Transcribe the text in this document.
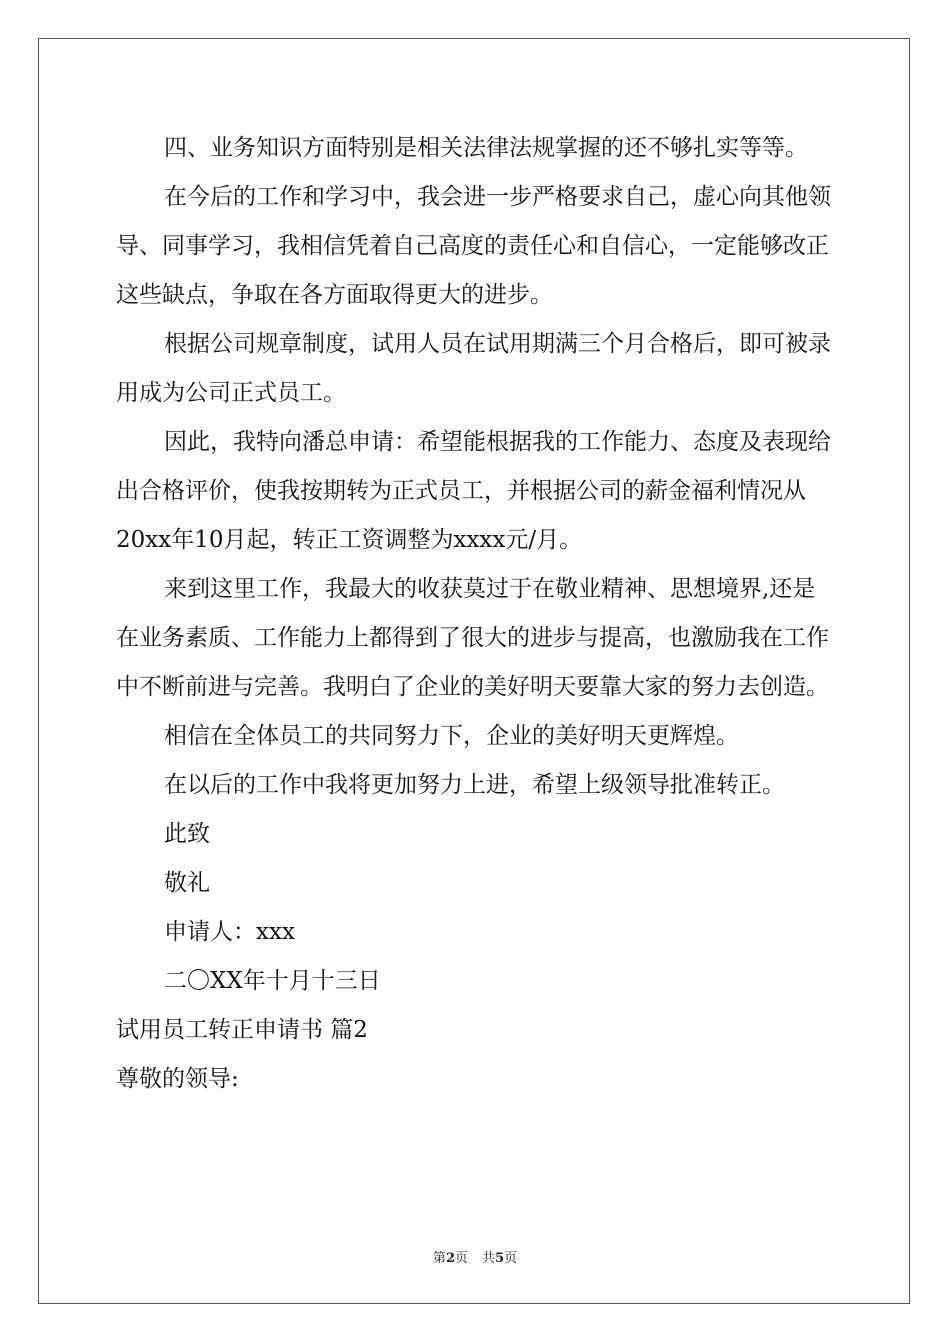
四、业务知识方面特别是相关法律法规掌握的还不够扎实等等。

在今后的工作和学习中，我会进一步严格要求自己，虚心向其他领导、同事学习，我相信凭着自己高度的责任心和自信心，一定能够改正这些缺点，争取在各方面取得更大的进步。

根据公司规章制度，试用人员在试用期满三个月合格后，即可被录用成为公司正式员工。

因此，我特向潘总申请：希望能根据我的工作能力、态度及表现给出合格评价，使我按期转为正式员工，并根据公司的薪金福利情况从20xx年10月起，转正工资调整为xxxx元/月。

来到这里工作，我最大的收获莫过于在敬业精神、思想境界,还是在业务素质、工作能力上都得到了很大的进步与提高，也激励我在工作中不断前进与完善。我明白了企业的美好明天要靠大家的努力去创造。

相信在全体员工的共同努力下，企业的美好明天更辉煌。

在以后的工作中我将更加努力上进，希望上级领导批准转正。

此致

敬礼

申请人：xxx

二〇XX年十月十三日

试用员工转正申请书 篇2

尊敬的领导:

第2页 共5页
